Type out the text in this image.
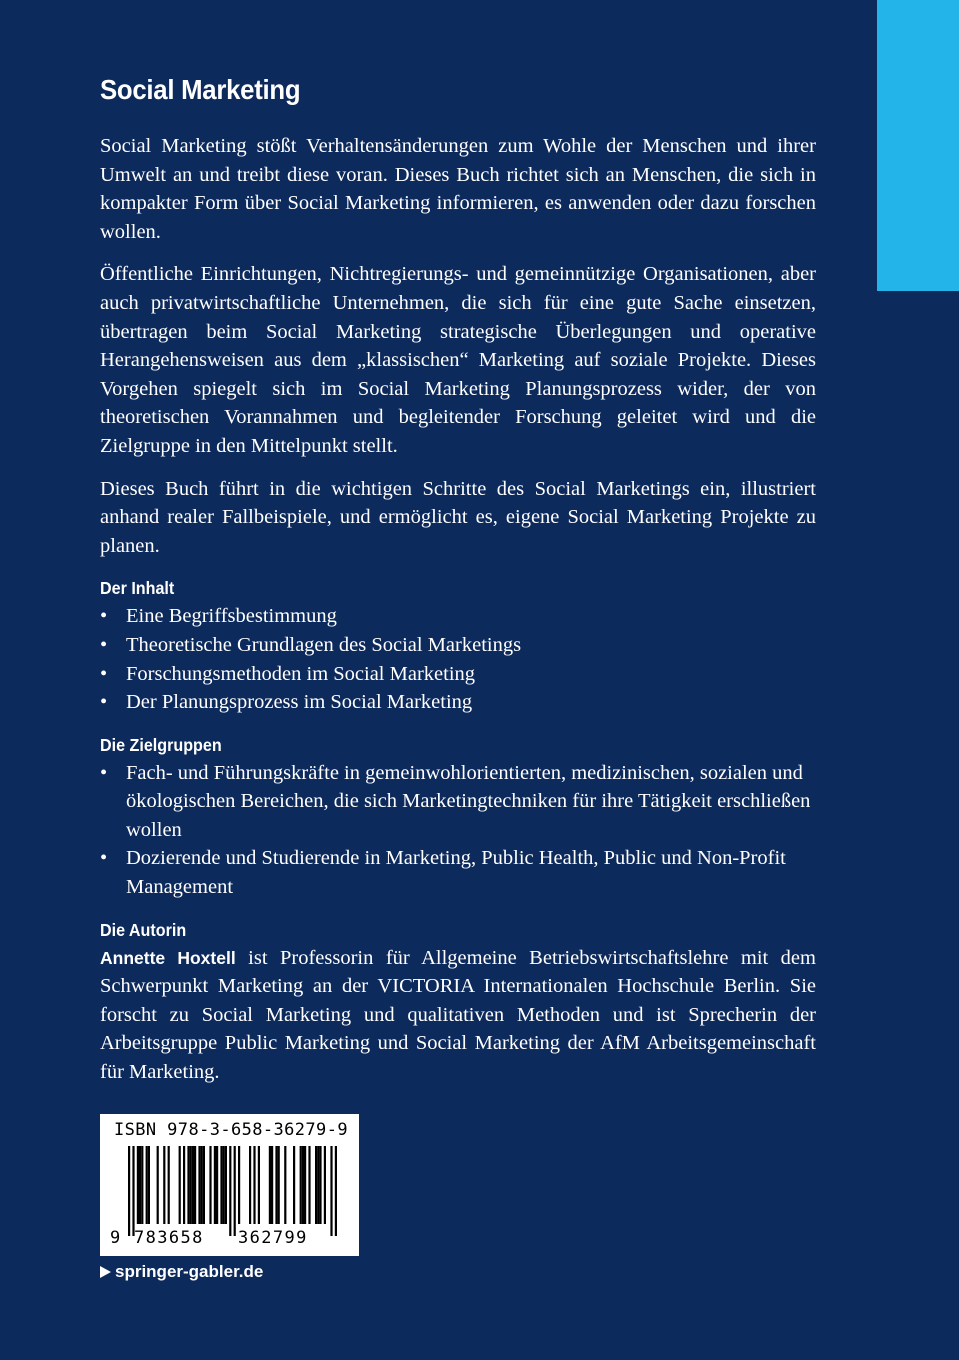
Social Marketing

Social Marketing stößt Verhaltensänderungen zum Wohle der Menschen und ihrer Umwelt an und treibt diese voran. Dieses Buch richtet sich an Menschen, die sich in kompakter Form über Social Marketing informieren, es anwenden oder dazu forschen wollen.

Öffentliche Einrichtungen, Nichtregierungs- und gemeinnützige Organisationen, aber auch privatwirtschaftliche Unternehmen, die sich für eine gute Sache einsetzen, übertragen beim Social Marketing strategische Überlegungen und operative Herangehensweisen aus dem „klassischen“ Marketing auf soziale Projekte. Dieses Vorgehen spiegelt sich im Social Marketing Planungsprozess wider, der von theoretischen Vorannahmen und begleitender Forschung geleitet wird und die Zielgruppe in den Mittelpunkt stellt.

Dieses Buch führt in die wichtigen Schritte des Social Marketings ein, illustriert anhand realer Fallbeispiele, und ermöglicht es, eigene Social Marketing Projekte zu planen.

Der Inhalt
• Eine Begriffsbestimmung
• Theoretische Grundlagen des Social Marketings
• Forschungsmethoden im Social Marketing
• Der Planungsprozess im Social Marketing
Die Zielgruppen
• Fach- und Führungskräfte in gemeinwohlorientierten, medizinischen, sozialen und ökologischen Bereichen, die sich Marketingtechniken für ihre Tätigkeit erschließen wollen
• Dozierende und Studierende in Marketing, Public Health, Public und Non-Profit Management
Die Autorin

Annette Hoxtell ist Professorin für Allgemeine Betriebswirtschaftslehre mit dem Schwerpunkt Marketing an der VICTORIA Internationalen Hochschule Berlin. Sie forscht zu Social Marketing und qualitativen Methoden und ist Sprecherin der Arbeitsgruppe Public Marketing und Social Marketing der AfM Arbeitsgemeinschaft für Marketing.

ISBN 978-3-658-36279-9
9 783658 362799
springer-gabler.de
